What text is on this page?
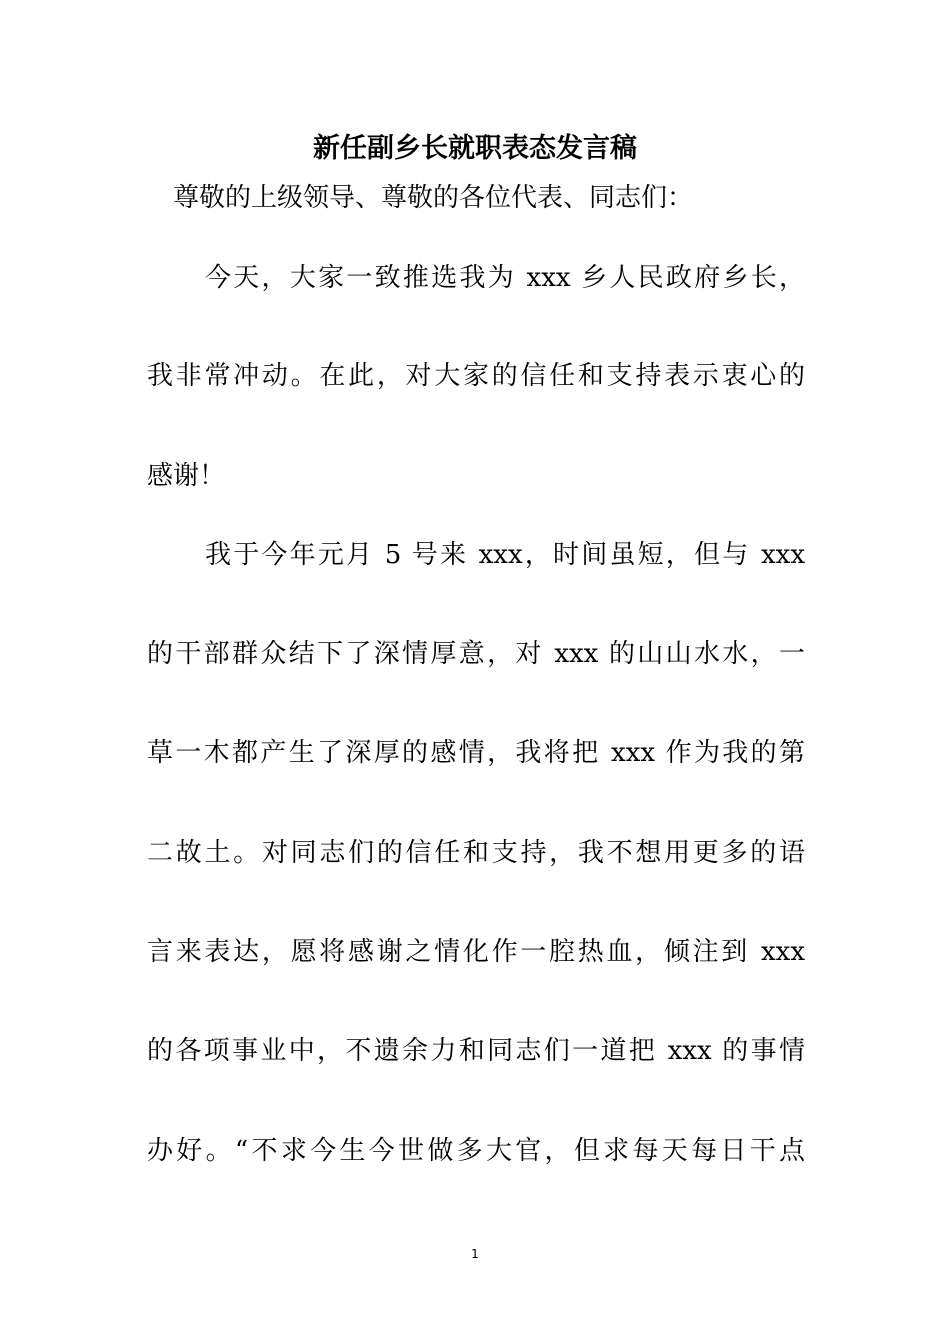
新任副乡长就职表态发言稿

尊敬的上级领导、尊敬的各位代表、同志们：

今天，大家一致推选我为 xxx 乡人民政府乡长，

我非常冲动。在此，对大家的信任和支持表示衷心的

感谢！

我于今年元月 5 号来 xxx，时间虽短，但与 xxx

的干部群众结下了深情厚意，对 xxx 的山山水水，一

草一木都产生了深厚的感情，我将把 xxx 作为我的第

二故土。对同志们的信任和支持，我不想用更多的语

言来表达，愿将感谢之情化作一腔热血，倾注到 xxx

的各项事业中，不遗余力和同志们一道把 xxx 的事情

办好。“不求今生今世做多大官，但求每天每日干点

1
